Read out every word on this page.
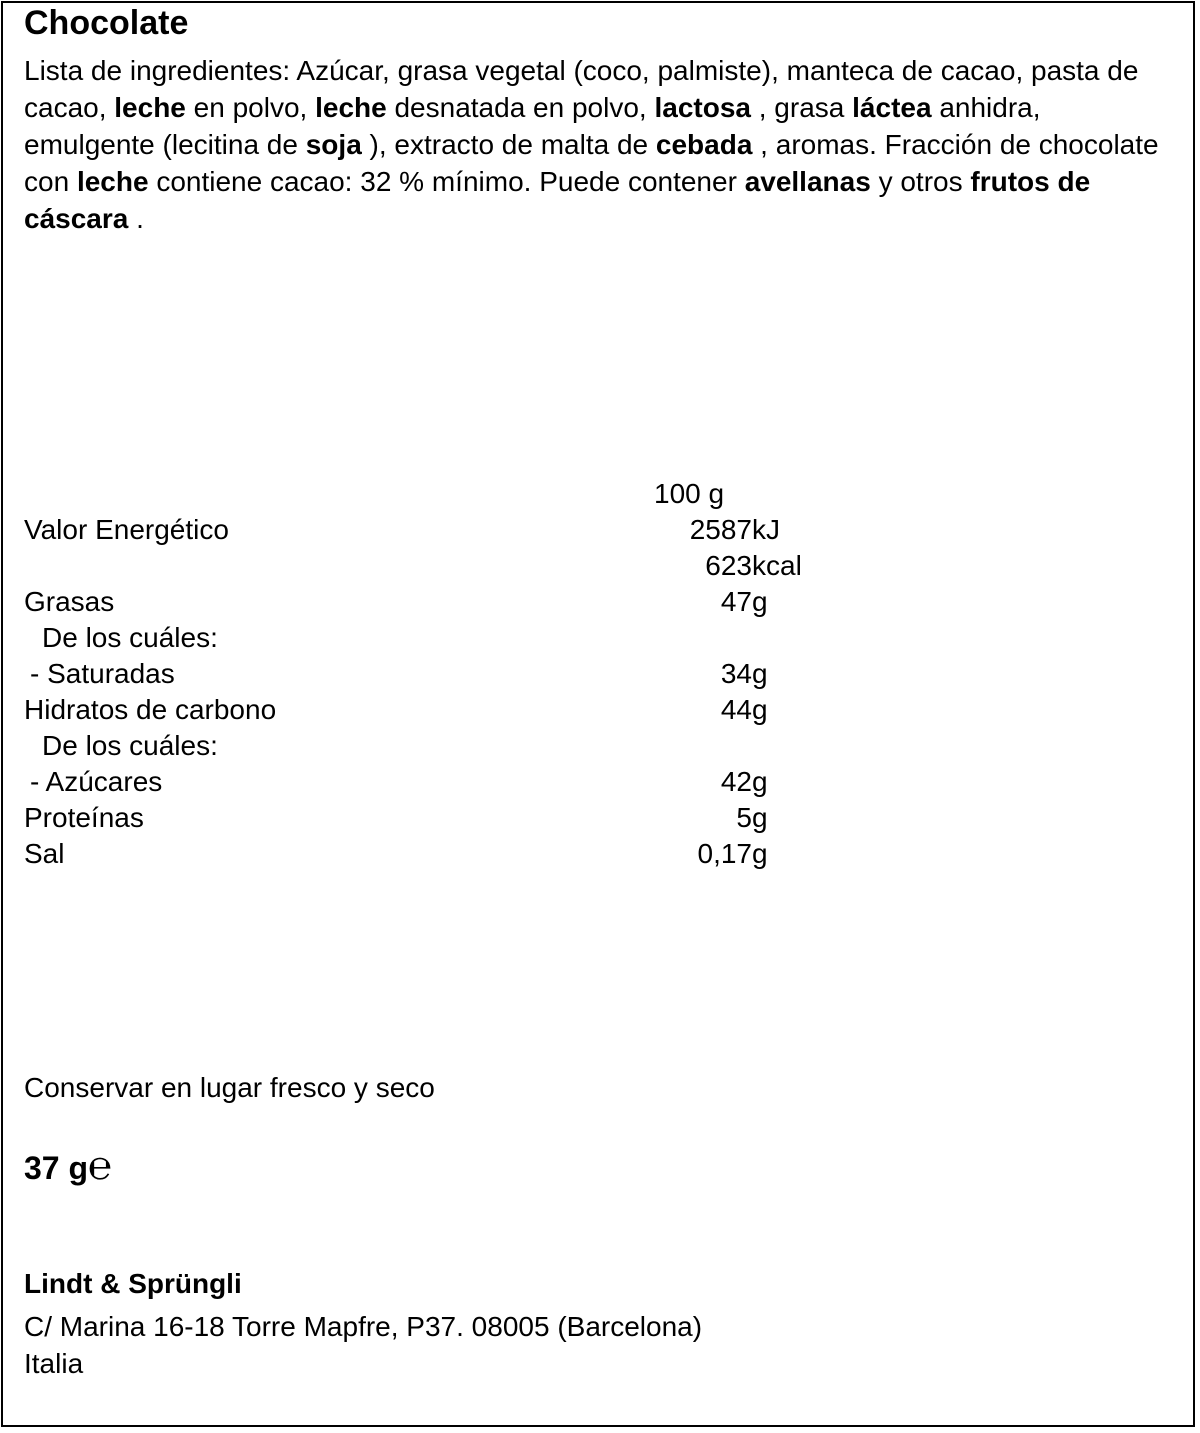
Chocolate

Lista de ingredientes: Azúcar, grasa vegetal (coco, palmiste), manteca de cacao, pasta de cacao, leche en polvo, leche desnatada en polvo, lactosa , grasa láctea anhidra, emulgente (lecitina de soja ), extracto de malta de cebada , aromas. Fracción de chocolate con leche contiene cacao: 32 % mínimo. Puede contener avellanas y otros frutos de cáscara .

	100 g	
Valor Energético	2587	kJ
	623	kcal
Grasas	47	g
De los cuáles:		
- Saturadas	34	g
Hidratos de carbono	44	g
De los cuáles:		
- Azúcares	42	g
Proteínas	5	g
Sal	0,17	g

Conservar en lugar fresco y seco

37 g℮

Lindt & Sprüngli

C/ Marina 16-18 Torre Mapfre, P37. 08005 (Barcelona)

Italia
